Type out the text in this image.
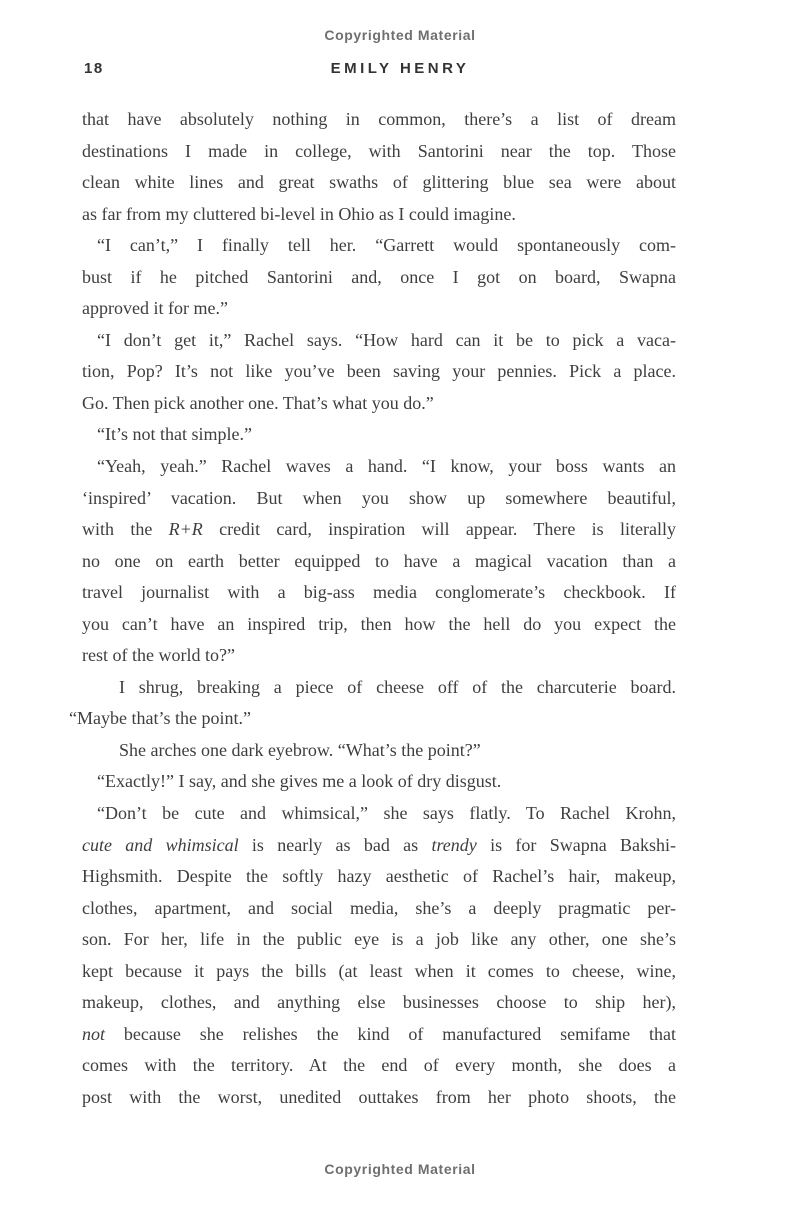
Copyrighted Material
18	EMILY HENRY
that have absolutely nothing in common, there’s a list of dream
destinations I made in college, with Santorini near the top. Those
clean white lines and great swaths of glittering blue sea were about
as far from my cluttered bi-level in Ohio as I could imagine.
“I can’t,” I finally tell her. “Garrett would spontaneously com-
bust if he pitched Santorini and, once I got on board, Swapna
approved it for me.”
“I don’t get it,” Rachel says. “How hard can it be to pick a vaca-
tion, Pop? It’s not like you’ve been saving your pennies. Pick a place.
Go. Then pick another one. That’s what you do.”
“It’s not that simple.”
“Yeah, yeah.” Rachel waves a hand. “I know, your boss wants an
‘inspired’ vacation. But when you show up somewhere beautiful,
with the R+R credit card, inspiration will appear. There is literally
no one on earth better equipped to have a magical vacation than a
travel journalist with a big-ass media conglomerate’s checkbook. If
you can’t have an inspired trip, then how the hell do you expect the
rest of the world to?”
I shrug, breaking a piece of cheese off of the charcuterie board.
“Maybe that’s the point.”
She arches one dark eyebrow. “What’s the point?”
“Exactly!” I say, and she gives me a look of dry disgust.
“Don’t be cute and whimsical,” she says flatly. To Rachel Krohn,
cute and whimsical is nearly as bad as trendy is for Swapna Bakshi-
Highsmith. Despite the softly hazy aesthetic of Rachel’s hair, makeup,
clothes, apartment, and social media, she’s a deeply pragmatic per-
son. For her, life in the public eye is a job like any other, one she’s
kept because it pays the bills (at least when it comes to cheese, wine,
makeup, clothes, and anything else businesses choose to ship her),
not because she relishes the kind of manufactured semifame that
comes with the territory. At the end of every month, she does a
post with the worst, unedited outtakes from her photo shoots, the
Copyrighted Material
